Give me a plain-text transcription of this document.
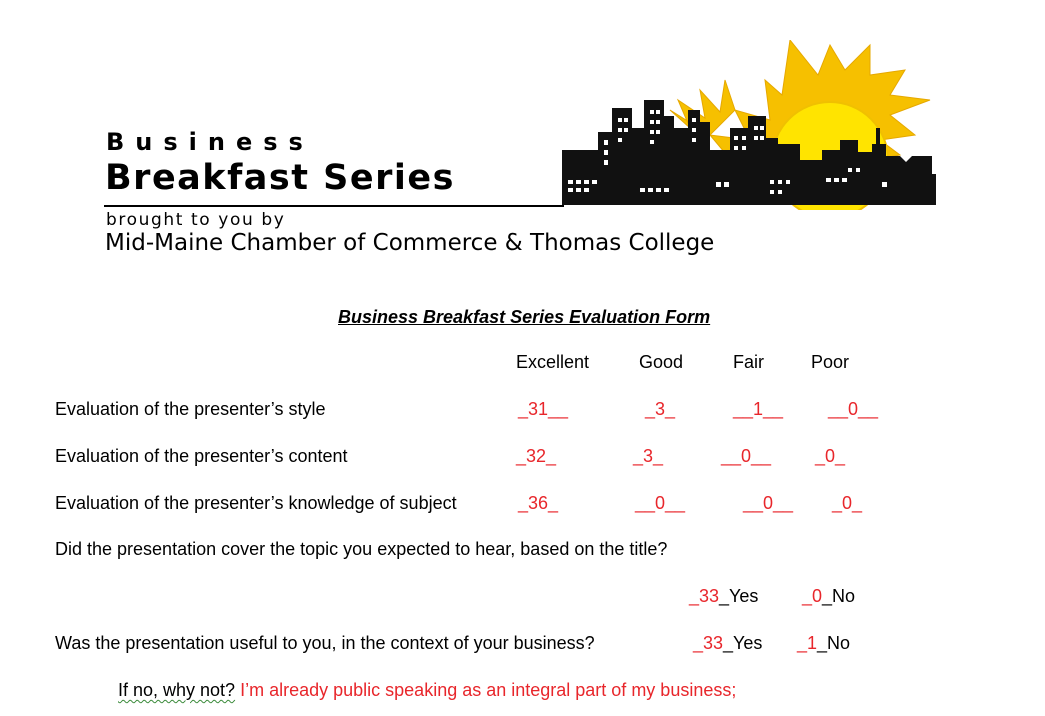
Business
Breakfast Series
brought to you by
Mid-Maine Chamber of Commerce & Thomas College
Business Breakfast Series Evaluation Form
Excellent	Good	Fair	Poor
Evaluation of the presenter’s style	_31__	_3_	__1__ __0__
Evaluation of the presenter’s content	_32_	_3_	__0__ _0_
Evaluation of the presenter’s knowledge of subject	_36_	__0__	__0__ _0_
Did the presentation cover the topic you expected to hear, based on the title?
_33_Yes _0_No
Was the presentation useful to you, in the context of your business?	_33_Yes _1_No
If no, why not? I’m already public speaking as an integral part of my business;
